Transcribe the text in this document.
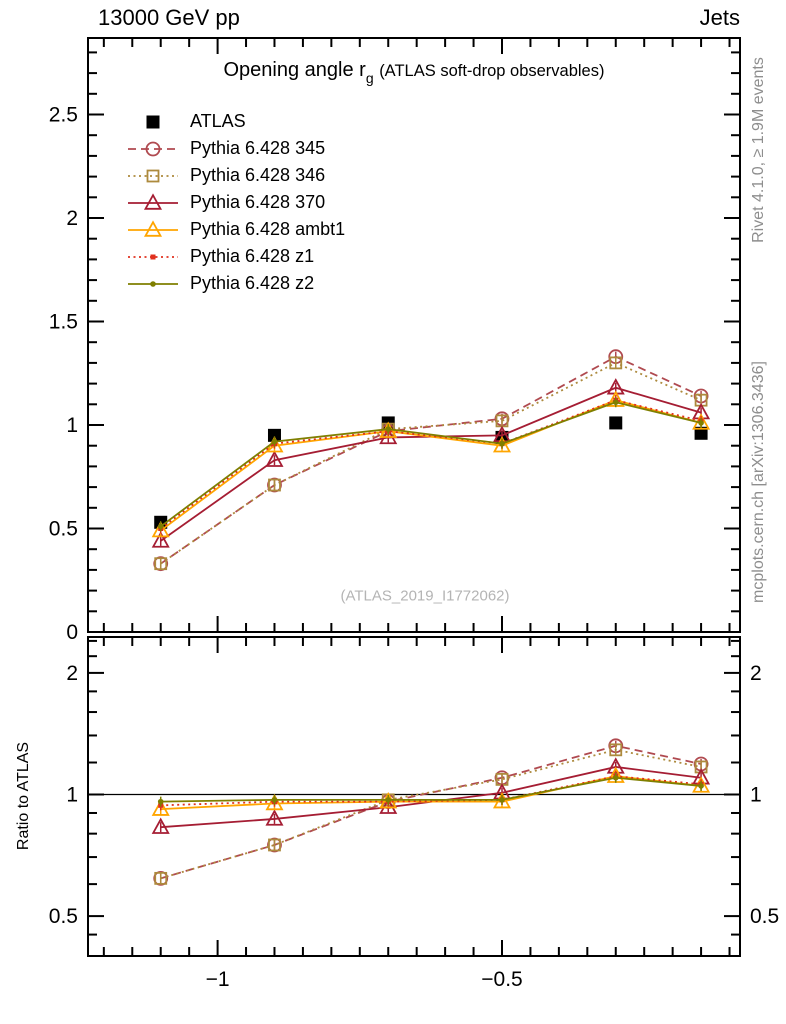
−1	−0.5
0
0.5
1
1.5
2
2.5
0.5	0.5
1	1
2	2
13000 GeV pp	Jets
Opening angle $r_g$ (ATLAS soft-drop observables)
ATLAS
Pythia 6.428 345
Pythia 6.428 346
Pythia 6.428 370
Pythia 6.428 ambt1
Pythia 6.428 z1
Pythia 6.428 z2
(ATLAS_2019_I1772062)
Rivet 4.1.0, ≥ 1.9M events
mcplots.cern.ch [arXiv:1306.3436]
Ratio to ATLAS
